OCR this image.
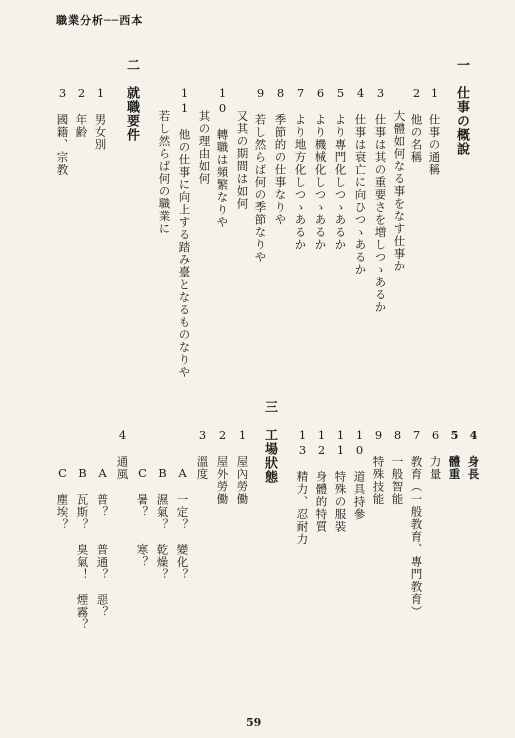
職業分析──西本
一　仕事の概說
1　仕事の通稱
2　他の名稱
大體如何なる事をなす仕事か
3　仕事は其の重要さを増しつゝあるか
4　仕事は衰亡に向ひつゝあるか
5　より專門化しつゝあるか
6　より機械化しつゝあるか
7　より地方化しつゝあるか
8　季節的の仕事なりや
9　若し然らば何の季節なりや
又其の期間は如何
10　轉職は頻繁なりや
其の理由如何
11　他の仕事に向上する踏み臺となるものなりや
若し然らば何の職業に
二　就職要件
1　男女別
2　年齢
3　國籍、宗教
4　身長
5　體重
6　力量
7　教育（一般教育、專門教育）
8　一般智能
9　特殊技能
10　道具持參
11　特殊の服裝
12　身體的特質
13　精力、忍耐力
三　工場狀態
1　屋內勞働
2　屋外勞働
3　溫度
A　一定？　變化？
B　濕氣？　乾燥？
C　暑？　　寒？
4　通風
A　普？　　普通？　惡？
B　瓦斯？　臭氣！　煙霧？
C　塵埃？
59
